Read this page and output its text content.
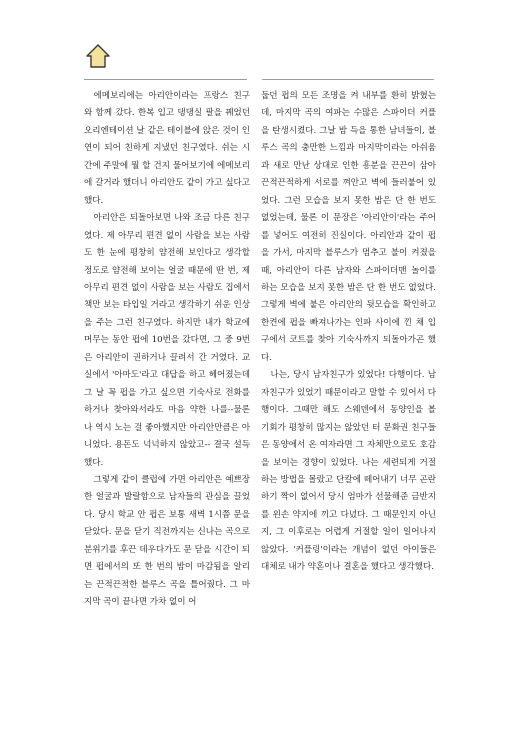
에메보리에는 아리안이라는 프랑스 친구와 함께 갔다. 한복 입고 댕댕실 팔을 꿰었던 오리엔테이션 날 같은 테이블에 앉은 것이 인연이 되어 친하게 지냈던 친구였다. 쉬는 시간에 주말에 뭘 할 건지 물어보기에 에메보리에 갈거라 했더니 아리안도 같이 가고 싶다고 했다.

아리안은 되돌아보면 나와 조금 다른 친구였다. 제 아무리 편견 없이 사람을 보는 사람도 한 눈에 평창히 얌전해 보인다고 생각할 정도로 얌전해 보이는 얼굴 때문에 딴 번, 제 아무리 편견 없이 사람을 보는 사람도 집에서 책만 보는 타입일 거라고 생각하기 쉬운 인상을 주는 그런 친구였다. 하지만 내가 학교에 머무는 동안 펍에 10번을 갔다면, 그 중 9번은 아리안이 권하거나 끌려서 간 거였다. 교실에서 '아마도'라고 대답을 하고 헤어졌는데 그 날 꼭 펍을 가고 싶으면 기숙사로 전화를 하거나 찾아와서라도 마음 약한 나를--물론 나 역시 노는 걸 좋아했지만 아리안만큼은 아니었다. 용돈도 넉넉하지 않았고-- 결국 설득했다.

그렇게 같이 클럽에 가면 아리안은 예쁘장한 얼굴과 발랄함으로 남자들의 관심을 끌었다. 당시 학교 안 펍은 보통 새벽 1시쯤 문을 닫았다. 문을 닫기 직전까지는 신나는 곡으로 분위기를 후끈 데우다가도 문 닫을 시간이 되면 펍에서의 또 한 번의 밤이 마감됨을 알리는 끈적끈적한 블루스 곡을 틀어줬다. 그 마지막 곡이 끝나면 가차 없이 어

둡던 펍의 모든 조명을 켜 내부를 환히 밝혔는데, 마지막 곡의 여파는 수많은 스파이더 커플을 탄생시켰다. 그날 밤 득을 통한 남녀들이, 블루스 곡의 충만한 느낌과 마지막이라는 아쉬움과 새로 만난 상대로 인한 흥분을 끈끈이 삼아 끈적끈적하게 서로를 껴안고 벽에 들러붙어 있었다. 그런 모습을 보지 못한 밤은 단 한 번도 없었는데, 물론 이 문장은 '아리안이'라는 주어를 넣어도 여전히 진실이다. 아리안과 같이 펍을 가서, 마지막 블루스가 멈추고 불이 켜졌을 때, 아리안이 다른 남자와 스파이더맨 놀이를 하는 모습을 보지 못한 밤은 단 한 번도 없었다. 그렇게 벽에 붙은 아리안의 뒷모습을 확인하고 한켠에 펍을 빠져나가는 인파 사이에 낀 채 입구에서 코트를 찾아 기숙사까지 되돌아가곤 했다.

나는, 당시 남자친구가 있었다! 다행이다. 남자친구가 있었기 때문이라고 말할 수 있어서 다행이다. 그때만 해도 스웨덴에서 동양인을 볼 기회가 평창히 많지는 않았던 터 문화권 친구들은 동양에서 온 여자라면 그 자체만으로도 호감을 보이는 경향이 있었다. 나는 세련되게 거절하는 방법을 몰랐고 단칼에 떼어내기 너무 곤란하기 짝이 없어서 당시 엄마가 선물해준 금반지를 왼손 약지에 끼고 다녔다. 그 때문인지 아닌지, 그 이후로는 어렵게 거절할 일이 일어나지 않았다. '커플링'이라는 개념이 없던 아이들은 대체로 내가 약혼이나 결혼을 했다고 생각했다.
